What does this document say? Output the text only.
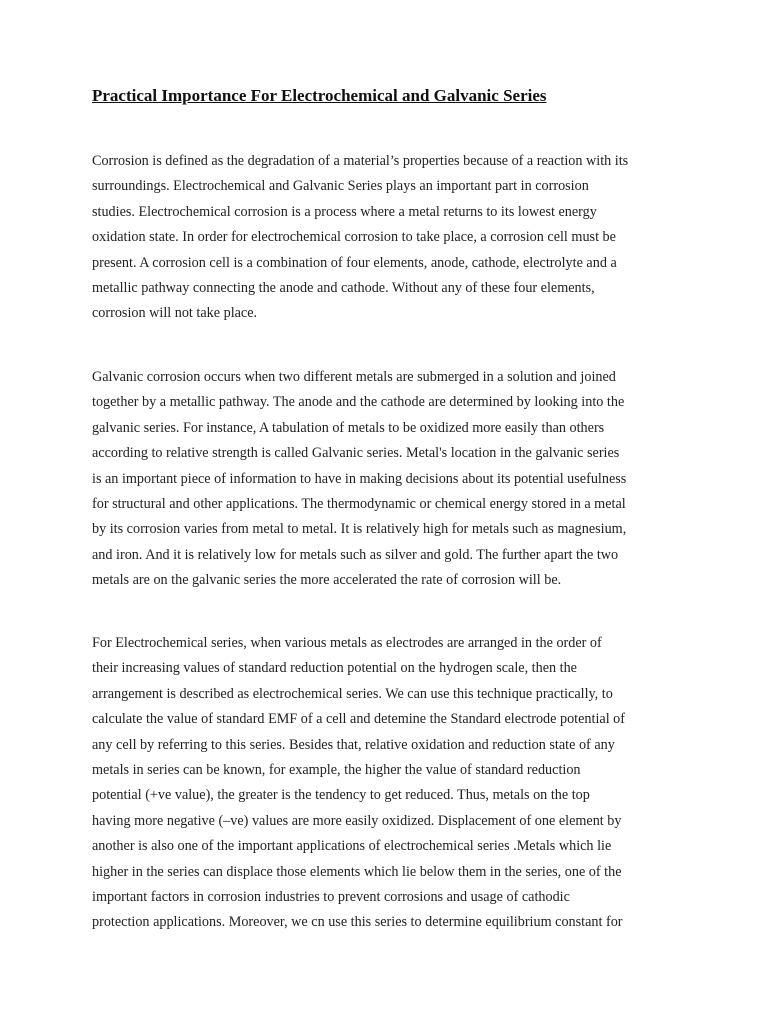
Practical Importance For Electrochemical and Galvanic Series

Corrosion is defined as the degradation of a material’s properties because of a reaction with its
surroundings. Electrochemical and Galvanic Series plays an important part in corrosion
studies. Electrochemical corrosion is a process where a metal returns to its lowest energy
oxidation state. In order for electrochemical corrosion to take place, a corrosion cell must be
present. A corrosion cell is a combination of four elements, anode, cathode, electrolyte and a
metallic pathway connecting the anode and cathode. Without any of these four elements,
corrosion will not take place.

Galvanic corrosion occurs when two different metals are submerged in a solution and joined
together by a metallic pathway. The anode and the cathode are determined by looking into the
galvanic series. For instance, A tabulation of metals to be oxidized more easily than others
according to relative strength is called Galvanic series. Metal's location in the galvanic series
is an important piece of information to have in making decisions about its potential usefulness
for structural and other applications. The thermodynamic or chemical energy stored in a metal
by its corrosion varies from metal to metal. It is relatively high for metals such as magnesium,
and iron. And it is relatively low for metals such as silver and gold. The further apart the two
metals are on the galvanic series the more accelerated the rate of corrosion will be.

For Electrochemical series, when various metals as electrodes are arranged in the order of
their increasing values of standard reduction potential on the hydrogen scale, then the
arrangement is described as electrochemical series. We can use this technique practically, to
calculate the value of standard EMF of a cell and detemine the Standard electrode potential of
any cell by referring to this series. Besides that, relative oxidation and reduction state of any
metals in series can be known, for example, the higher the value of standard reduction
potential (+ve value), the greater is the tendency to get reduced. Thus, metals on the top
having more negative (–ve) values are more easily oxidized. Displacement of one element by
another is also one of the important applications of electrochemical series .Metals which lie
higher in the series can displace those elements which lie below them in the series, one of the
important factors in corrosion industries to prevent corrosions and usage of cathodic
protection applications. Moreover, we cn use this series to determine equilibrium constant for
